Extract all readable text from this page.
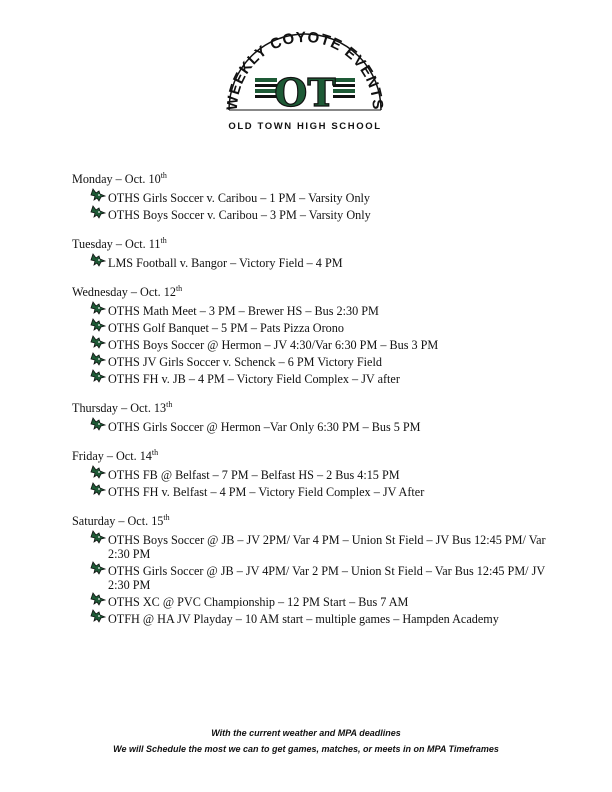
WEEKLY COYOTE EVENTS
OT
OLD TOWN HIGH SCHOOL
Monday – Oct. 10th
OTHS Girls Soccer v. Caribou – 1 PM – Varsity Only
OTHS Boys Soccer v. Caribou – 3 PM – Varsity Only
Tuesday – Oct. 11th
LMS Football v. Bangor – Victory Field – 4 PM
Wednesday – Oct. 12th
OTHS Math Meet – 3 PM – Brewer HS – Bus 2:30 PM
OTHS Golf Banquet – 5 PM – Pats Pizza Orono
OTHS Boys Soccer @ Hermon – JV 4:30/Var 6:30 PM – Bus 3 PM
OTHS JV Girls Soccer v. Schenck – 6 PM Victory Field
OTHS FH v. JB – 4 PM – Victory Field Complex – JV after
Thursday – Oct. 13th
OTHS Girls Soccer @ Hermon –Var Only 6:30 PM – Bus 5 PM
Friday – Oct. 14th
OTHS FB @ Belfast – 7 PM – Belfast HS – 2 Bus 4:15 PM
OTHS FH v. Belfast – 4 PM – Victory Field Complex – JV After
Saturday – Oct. 15th
OTHS Boys Soccer @ JB – JV 2PM/ Var 4 PM – Union St Field – JV Bus 12:45 PM/ Var 2:30 PM
OTHS Girls Soccer @ JB – JV 4PM/ Var 2 PM – Union St Field – Var Bus 12:45 PM/ JV 2:30 PM
OTHS XC @ PVC Championship – 12 PM Start – Bus 7 AM
OTFH @ HA JV Playday – 10 AM start – multiple games – Hampden Academy
With the current weather and MPA deadlines
We will Schedule the most we can to get games, matches, or meets in on MPA Timeframes
